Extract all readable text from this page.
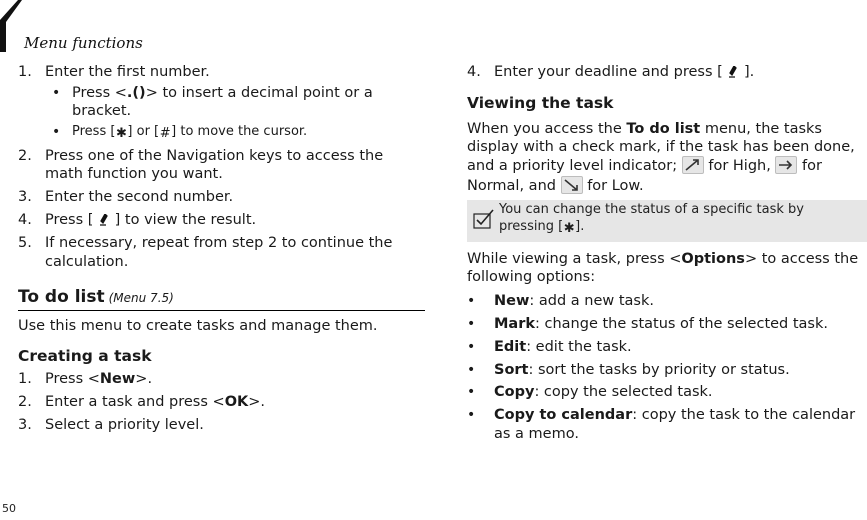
Menu functions
1. Enter the first number.
• Press <.()> to insert a decimal point or a
bracket.
• Press [✱] or [#] to move the cursor.
2. Press one of the Navigation keys to access the
math function you want.
3. Enter the second number.
4. Press [ ] to view the result.
5. If necessary, repeat from step 2 to continue the
calculation.
To do list (Menu 7.5)
Use this menu to create tasks and manage them.
Creating a task
1. Press <New>.
2. Enter a task and press <OK>.
3. Select a priority level.
4. Enter your deadline and press [ ].
Viewing the task
When you access the To do list menu, the tasks
display with a check mark, if the task has been done,
and a priority level indicator; for High, for
Normal, and for Low.
You can change the status of a specific task by
pressing [✱].
While viewing a task, press <Options> to access the
following options:
• New: add a new task.
• Mark: change the status of the selected task.
• Edit: edit the task.
• Sort: sort the tasks by priority or status.
• Copy: copy the selected task.
• Copy to calendar: copy the task to the calendar
as a memo.
50
